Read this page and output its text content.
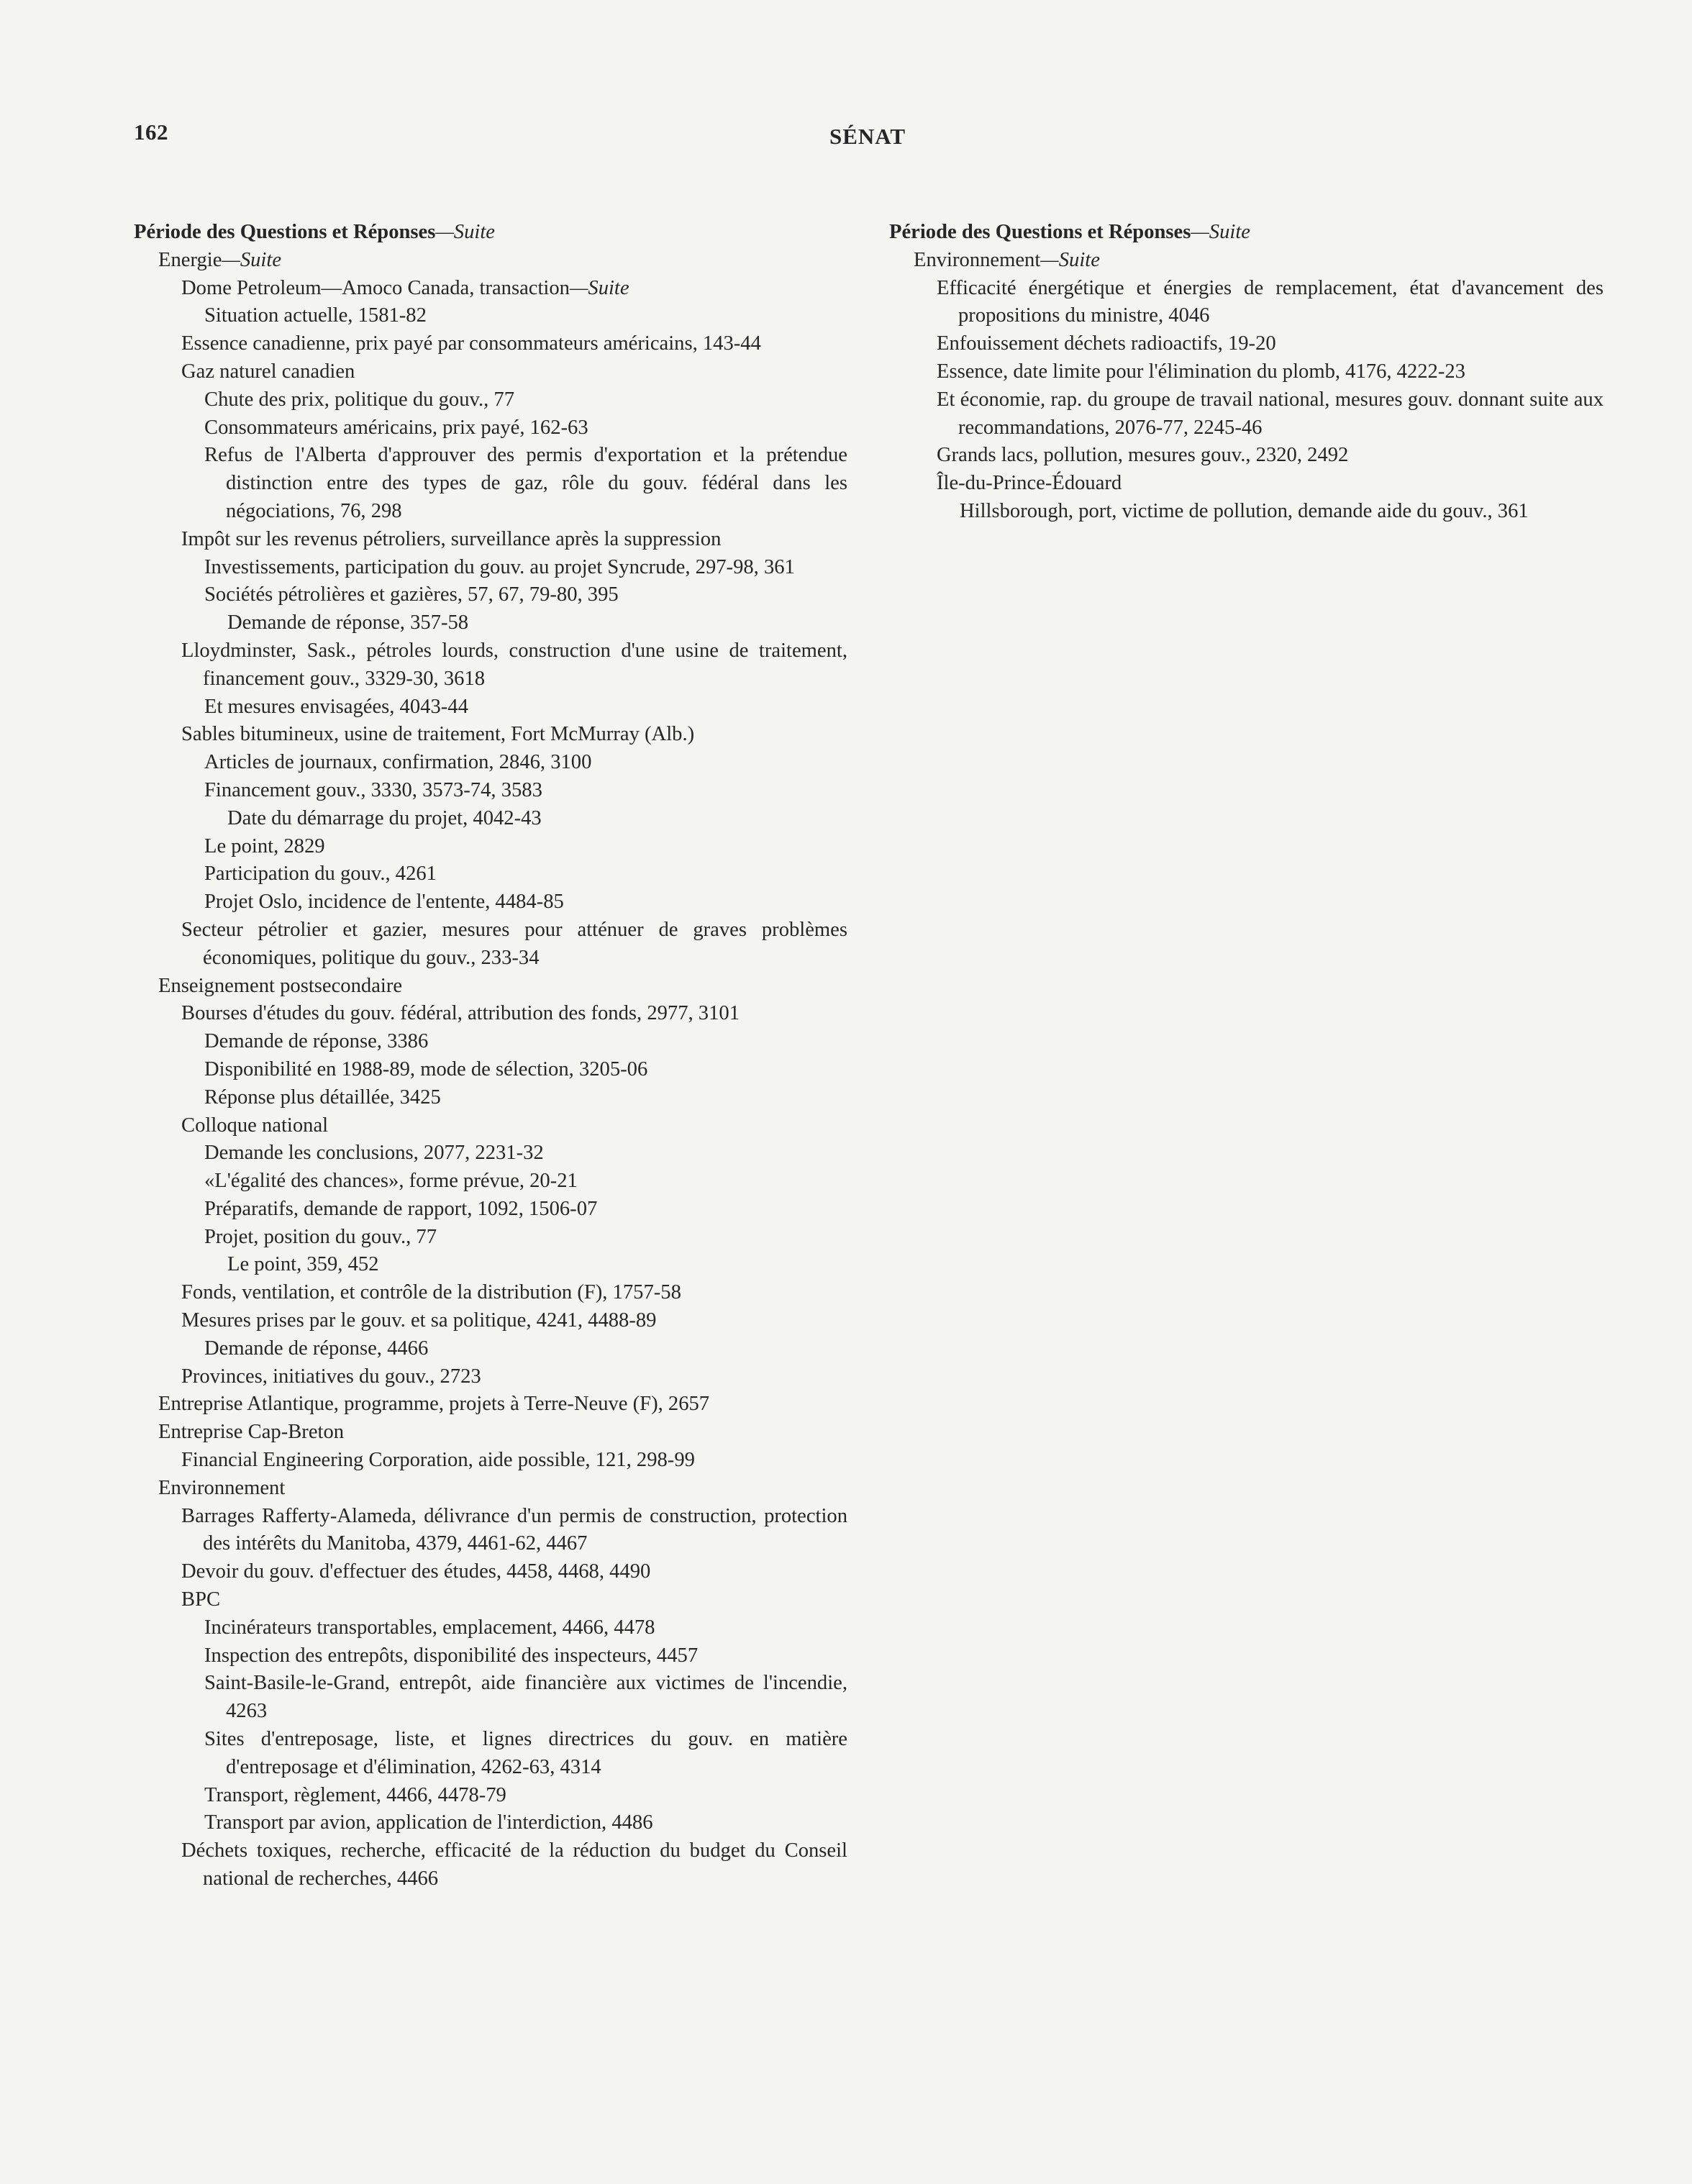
162	SÉNAT
Période des Questions et Réponses—Suite
Energie—Suite
Dome Petroleum—Amoco Canada, transaction—Suite
Situation actuelle, 1581-82
Essence canadienne, prix payé par consommateurs américains, 143-44
Gaz naturel canadien
Chute des prix, politique du gouv., 77
Consommateurs américains, prix payé, 162-63
Refus de l'Alberta d'approuver des permis d'exportation et la prétendue distinction entre des types de gaz, rôle du gouv. fédéral dans les négociations, 76, 298
Impôt sur les revenus pétroliers, surveillance après la suppression
Investissements, participation du gouv. au projet Syncrude, 297-98, 361
Sociétés pétrolières et gazières, 57, 67, 79-80, 395
Demande de réponse, 357-58
Lloydminster, Sask., pétroles lourds, construction d'une usine de traitement, financement gouv., 3329-30, 3618
Et mesures envisagées, 4043-44
Sables bitumineux, usine de traitement, Fort McMurray (Alb.)
Articles de journaux, confirmation, 2846, 3100
Financement gouv., 3330, 3573-74, 3583
Date du démarrage du projet, 4042-43
Le point, 2829
Participation du gouv., 4261
Projet Oslo, incidence de l'entente, 4484-85
Secteur pétrolier et gazier, mesures pour atténuer de graves problèmes économiques, politique du gouv., 233-34
Enseignement postsecondaire
Bourses d'études du gouv. fédéral, attribution des fonds, 2977, 3101
Demande de réponse, 3386
Disponibilité en 1988-89, mode de sélection, 3205-06
Réponse plus détaillée, 3425
Colloque national
Demande les conclusions, 2077, 2231-32
«L'égalité des chances», forme prévue, 20-21
Préparatifs, demande de rapport, 1092, 1506-07
Projet, position du gouv., 77
Le point, 359, 452
Fonds, ventilation, et contrôle de la distribution (F), 1757-58
Mesures prises par le gouv. et sa politique, 4241, 4488-89
Demande de réponse, 4466
Provinces, initiatives du gouv., 2723
Entreprise Atlantique, programme, projets à Terre-Neuve (F), 2657
Entreprise Cap-Breton
Financial Engineering Corporation, aide possible, 121, 298-99
Environnement
Barrages Rafferty-Alameda, délivrance d'un permis de construction, protection des intérêts du Manitoba, 4379, 4461-62, 4467
Devoir du gouv. d'effectuer des études, 4458, 4468, 4490
BPC
Incinérateurs transportables, emplacement, 4466, 4478
Inspection des entrepôts, disponibilité des inspecteurs, 4457
Saint-Basile-le-Grand, entrepôt, aide financière aux victimes de l'incendie, 4263
Sites d'entreposage, liste, et lignes directrices du gouv. en matière d'entreposage et d'élimination, 4262-63, 4314
Transport, règlement, 4466, 4478-79
Transport par avion, application de l'interdiction, 4486
Déchets toxiques, recherche, efficacité de la réduction du budget du Conseil national de recherches, 4466
Période des Questions et Réponses—Suite
Environnement—Suite
Efficacité énergétique et énergies de remplacement, état d'avancement des propositions du ministre, 4046
Enfouissement déchets radioactifs, 19-20
Essence, date limite pour l'élimination du plomb, 4176, 4222-23
Et économie, rap. du groupe de travail national, mesures gouv. donnant suite aux recommandations, 2076-77, 2245-46
Grands lacs, pollution, mesures gouv., 2320, 2492
Île-du-Prince-Édouard
Hillsborough, port, victime de pollution, demande aide du gouv., 361
